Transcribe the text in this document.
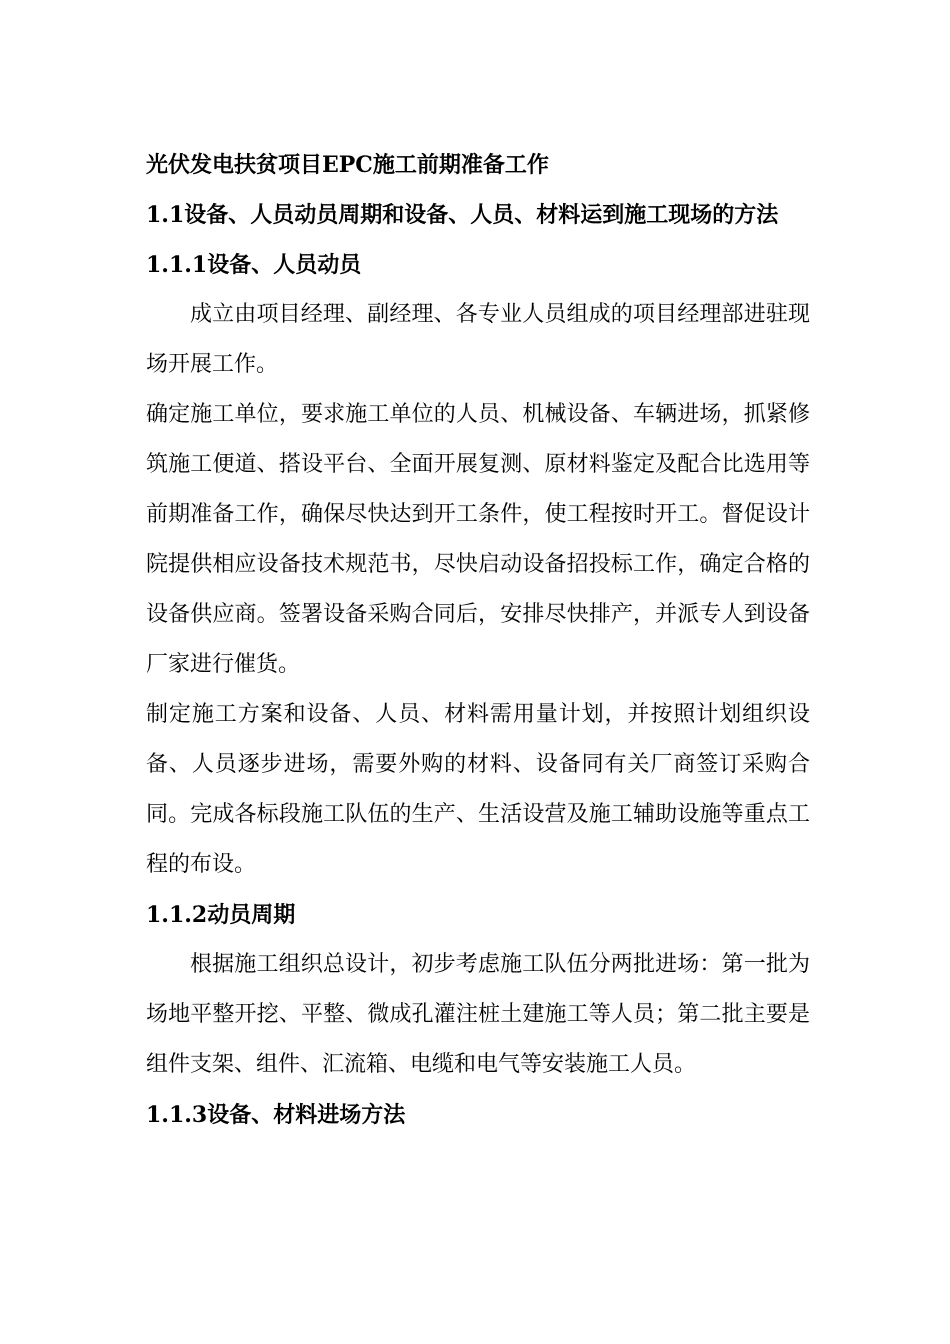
光伏发电扶贫项目EPC施工前期准备工作
1.1设备、人员动员周期和设备、人员、材料运到施工现场的方法
1.1.1设备、人员动员

成立由项目经理、副经理、各专业人员组成的项目经理部进驻现场开展工作。

确定施工单位，要求施工单位的人员、机械设备、车辆进场，抓紧修筑施工便道、搭设平台、全面开展复测、原材料鉴定及配合比选用等前期准备工作，确保尽快达到开工条件，使工程按时开工。督促设计院提供相应设备技术规范书，尽快启动设备招投标工作，确定合格的设备供应商。签署设备采购合同后，安排尽快排产，并派专人到设备厂家进行催货。

制定施工方案和设备、人员、材料需用量计划，并按照计划组织设备、人员逐步进场，需要外购的材料、设备同有关厂商签订采购合同。完成各标段施工队伍的生产、生活设营及施工辅助设施等重点工程的布设。

1.1.2动员周期

根据施工组织总设计，初步考虑施工队伍分两批进场：第一批为场地平整开挖、平整、微成孔灌注桩土建施工等人员；第二批主要是组件支架、组件、汇流箱、电缆和电气等安装施工人员。

1.1.3设备、材料进场方法
